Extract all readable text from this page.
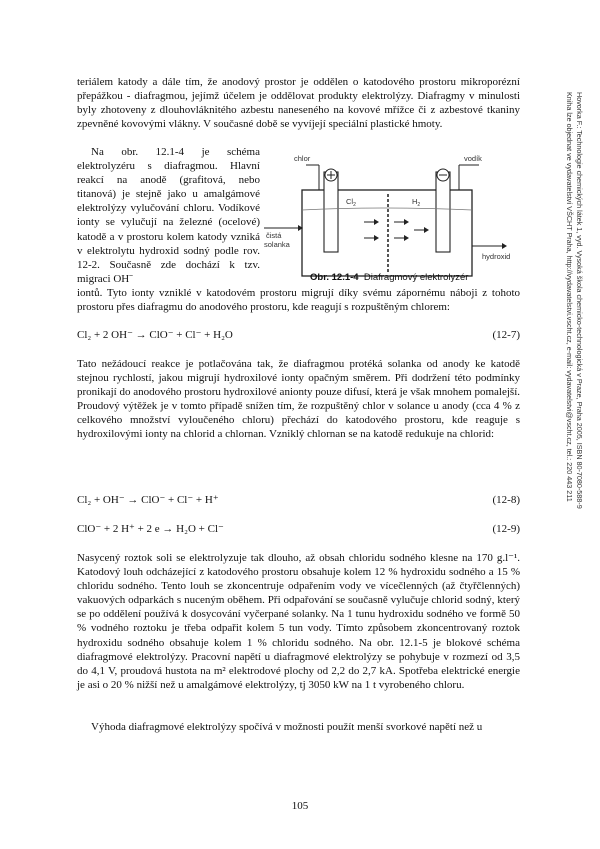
Hovorka F.: Technologie chemických látek 1, vyd. Vysoká škola chemicko-technologická v Praze, Praha 2005, ISBN 80-7080-588-9
Kniha lze objednat ve vydavatelství VŠCHT Praha, http://vydavatelstvi.vscht.cz, e-mail: vydavatelstvi@vscht.cz, tel.: 220 443 211

teriálem katody a dále tím, že anodový prostor je oddělen o katodového prostoru mikroporézní přepážkou - diafragmou, jejímž účelem je oddělovat produkty elektrolýzy. Diafragmy v minulosti byly zhotoveny z dlouhovláknitého azbestu naneseného na kovové mřížce či z azbestové tkaniny zpevněné kovovými vlákny. V současné době se vyvíjejí speciální plastické hmoty.

Na obr. 12.1-4 je schéma elektrolyzéru s diafragmou. Hlavní reakcí na anodě (grafitová, nebo titanová) je stejně jako u amalgámové elektrolýzy vylučování chloru. Vodíkové ionty se vylučují na železné (ocelové) katodě a v prostoru kolem katody vzniká v elektrolytu hydroxid sodný podle rov. 12-2. Současně zde dochází k tzv. migraci OH⎯

iontů. Tyto ionty vzniklé v katodovém prostoru migrují díky svému zápornému náboji z tohoto prostoru přes diafragmu do anodového prostoru, kde reagují s rozpuštěným chlorem:

chlor	vodík
$Cl_2$	$H_2$
čistá
solanka
hydroxid
Obr. 12.1-4 Diafragmový elektrolyzér
Cl₂ + 2 OH⁻ → ClO⁻ + Cl⁻ + H₂O	(12-7)

Tato nežádoucí reakce je potlačována tak, že diafragmou protéká solanka od anody ke katodě stejnou rychlostí, jakou migrují hydroxilové ionty opačným směrem. Při dodržení této podmínky pronikají do anodového prostoru hydroxilové anionty pouze difusí, která je však mnohem pomalejší. Proudový výtěžek je v tomto případě snížen tím, že rozpuštěný chlor v solance u anody (cca 4 % z celkového množství vyloučeného chloru) přechází do katodového prostoru, kde reaguje s hydroxilovými ionty na chlorid a chlornan. Vzniklý chlornan se na katodě redukuje na chlorid:

Cl₂ + OH⁻ → ClO⁻ + Cl⁻ + H⁺	(12-8)
ClO⁻ + 2 H⁺ + 2 e → H₂O + Cl⁻	(12-9)

Nasycený roztok soli se elektrolyzuje tak dlouho, až obsah chloridu sodného klesne na 170 g.l⁻¹. Katodový louh odcházející z katodového prostoru obsahuje kolem 12 % hydroxidu sodného a 15 % chloridu sodného. Tento louh se zkoncentruje odpařením vody ve vícečlenných (až čtyřčlenných) vakuových odparkách s nuceným oběhem. Při odpařování se současně vylučuje chlorid sodný, který se po oddělení používá k dosycování vyčerpané solanky. Na 1 tunu hydroxidu sodného ve formě 50 % vodného roztoku je třeba odpařit kolem 5 tun vody. Tímto způsobem zkoncentrovaný roztok hydroxidu sodného obsahuje kolem 1 % chloridu sodného. Na obr. 12.1-5 je blokové schéma diafragmové elektrolýzy. Pracovní napětí u diafragmové elektrolýzy se pohybuje v rozmezí od 3,5 do 4,1 V, proudová hustota na m² elektrodové plochy od 2,2 do 2,7 kA. Spotřeba elektrické energie je asi o 20 % nižší než u amalgámové elektrolýzy, tj 3050 kW na 1 t vyrobeného chloru.

Výhoda diafragmové elektrolýzy spočívá v možnosti použít menší svorkové napětí než u

105
